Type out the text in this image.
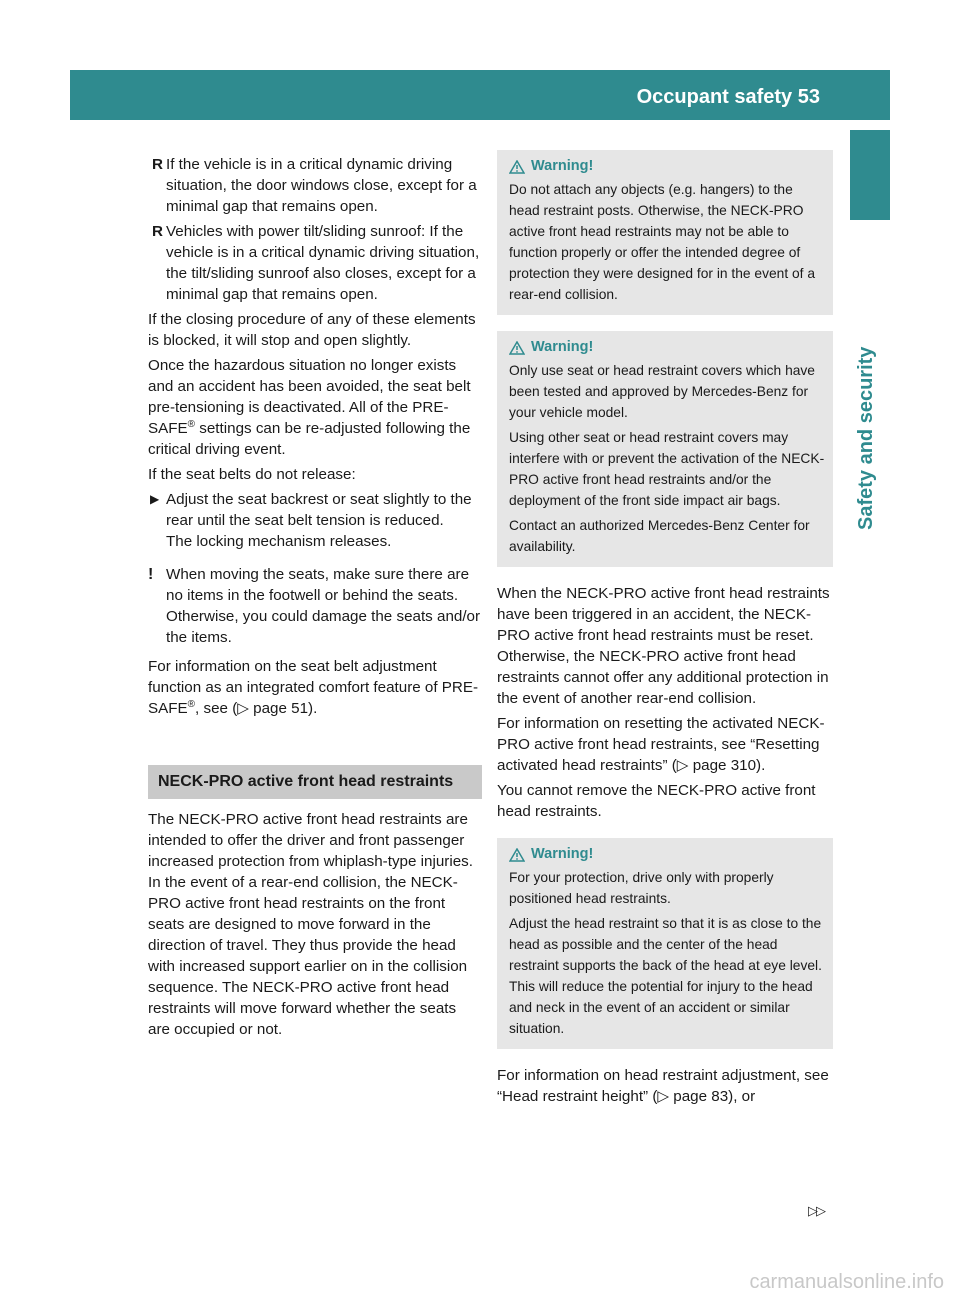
Occupant safety 53
Safety and security
R If the vehicle is in a critical dynamic driving situation, the door windows close, except for a minimal gap that remains open.
R Vehicles with power tilt/sliding sunroof: If the vehicle is in a critical dynamic driving situation, the tilt/sliding sunroof also closes, except for a minimal gap that remains open.

If the closing procedure of any of these elements is blocked, it will stop and open slightly.

Once the hazardous situation no longer exists and an accident has been avoided, the seat belt pre-tensioning is deactivated. All of the PRE-SAFE® settings can be re-adjusted following the critical driving event.

If the seat belts do not release:

▶ Adjust the seat backrest or seat slightly to the rear until the seat belt tension is reduced.
The locking mechanism releases.
! When moving the seats, make sure there are no items in the footwell or behind the seats. Otherwise, you could damage the seats and/or the items.

For information on the seat belt adjustment function as an integrated comfort feature of PRE-SAFE®, see (▷ page 51).

NECK-PRO active front head restraints

The NECK-PRO active front head restraints are intended to offer the driver and front passenger increased protection from whiplash-type injuries. In the event of a rear-end collision, the NECK-PRO active front head restraints on the front seats are designed to move forward in the direction of travel. They thus provide the head with increased support earlier on in the collision sequence. The NECK-PRO active front head restraints will move forward whether the seats are occupied or not.

Warning!

Do not attach any objects (e.g. hangers) to the head restraint posts. Otherwise, the NECK-PRO active front head restraints may not be able to function properly or offer the intended degree of protection they were designed for in the event of a rear-end collision.

Warning!

Only use seat or head restraint covers which have been tested and approved by Mercedes-Benz for your vehicle model.

Using other seat or head restraint covers may interfere with or prevent the activation of the NECK-PRO active front head restraints and/or the deployment of the front side impact air bags.

Contact an authorized Mercedes-Benz Center for availability.

When the NECK-PRO active front head restraints have been triggered in an accident, the NECK-PRO active front head restraints must be reset. Otherwise, the NECK-PRO active front head restraints cannot offer any additional protection in the event of another rear-end collision.

For information on resetting the activated NECK-PRO active front head restraints, see “Resetting activated head restraints” (▷ page 310).

You cannot remove the NECK-PRO active front head restraints.

Warning!

For your protection, drive only with properly positioned head restraints.

Adjust the head restraint so that it is as close to the head as possible and the center of the head restraint supports the back of the head at eye level. This will reduce the potential for injury to the head and neck in the event of an accident or similar situation.

For information on head restraint adjustment, see “Head restraint height” (▷ page 83), or

▷▷
carmanualsonline.info
